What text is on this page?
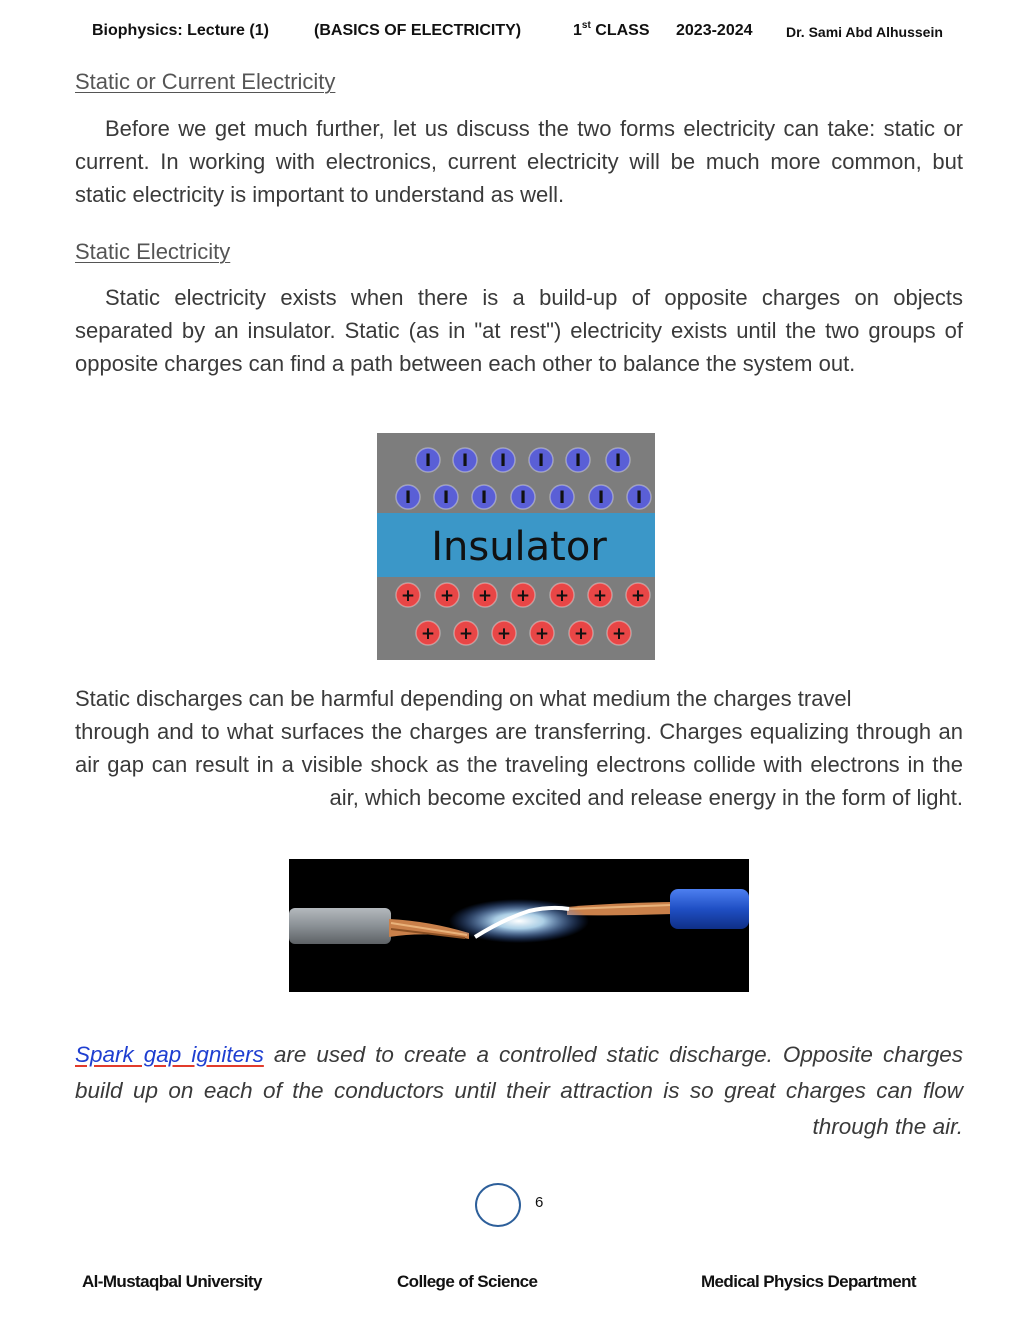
Biophysics: Lecture (1)	(BASICS OF ELECTRICITY)	1st CLASS 2023-2024 Dr. Sami Abd Alhussein
Static or Current Electricity

Before we get much further, let us discuss the two forms electricity can take: static or current. In working with electronics, current electricity will be much more common, but static electricity is important to understand as well.

Static Electricity

Static electricity exists when there is a build-up of opposite charges on objects separated by an insulator. Static (as in "at rest") electricity exists until the two groups of opposite charges can find a path between each other to balance the system out.

Insulator
I I I I I I
I I I I I I I
+ + + + + + +
+ + + + + +

Static discharges can be harmful depending on what medium the charges travel

through and to what surfaces the charges are transferring. Charges equalizing through an air gap can result in a visible shock as the traveling electrons collide with electrons in the air, which become excited and release energy in the form of light.

Spark gap igniters are used to create a controlled static discharge. Opposite charges build up on each of the conductors until their attraction is so great charges can flow through the air.

6
Al-Mustaqbal University	College of Science	Medical Physics Department
